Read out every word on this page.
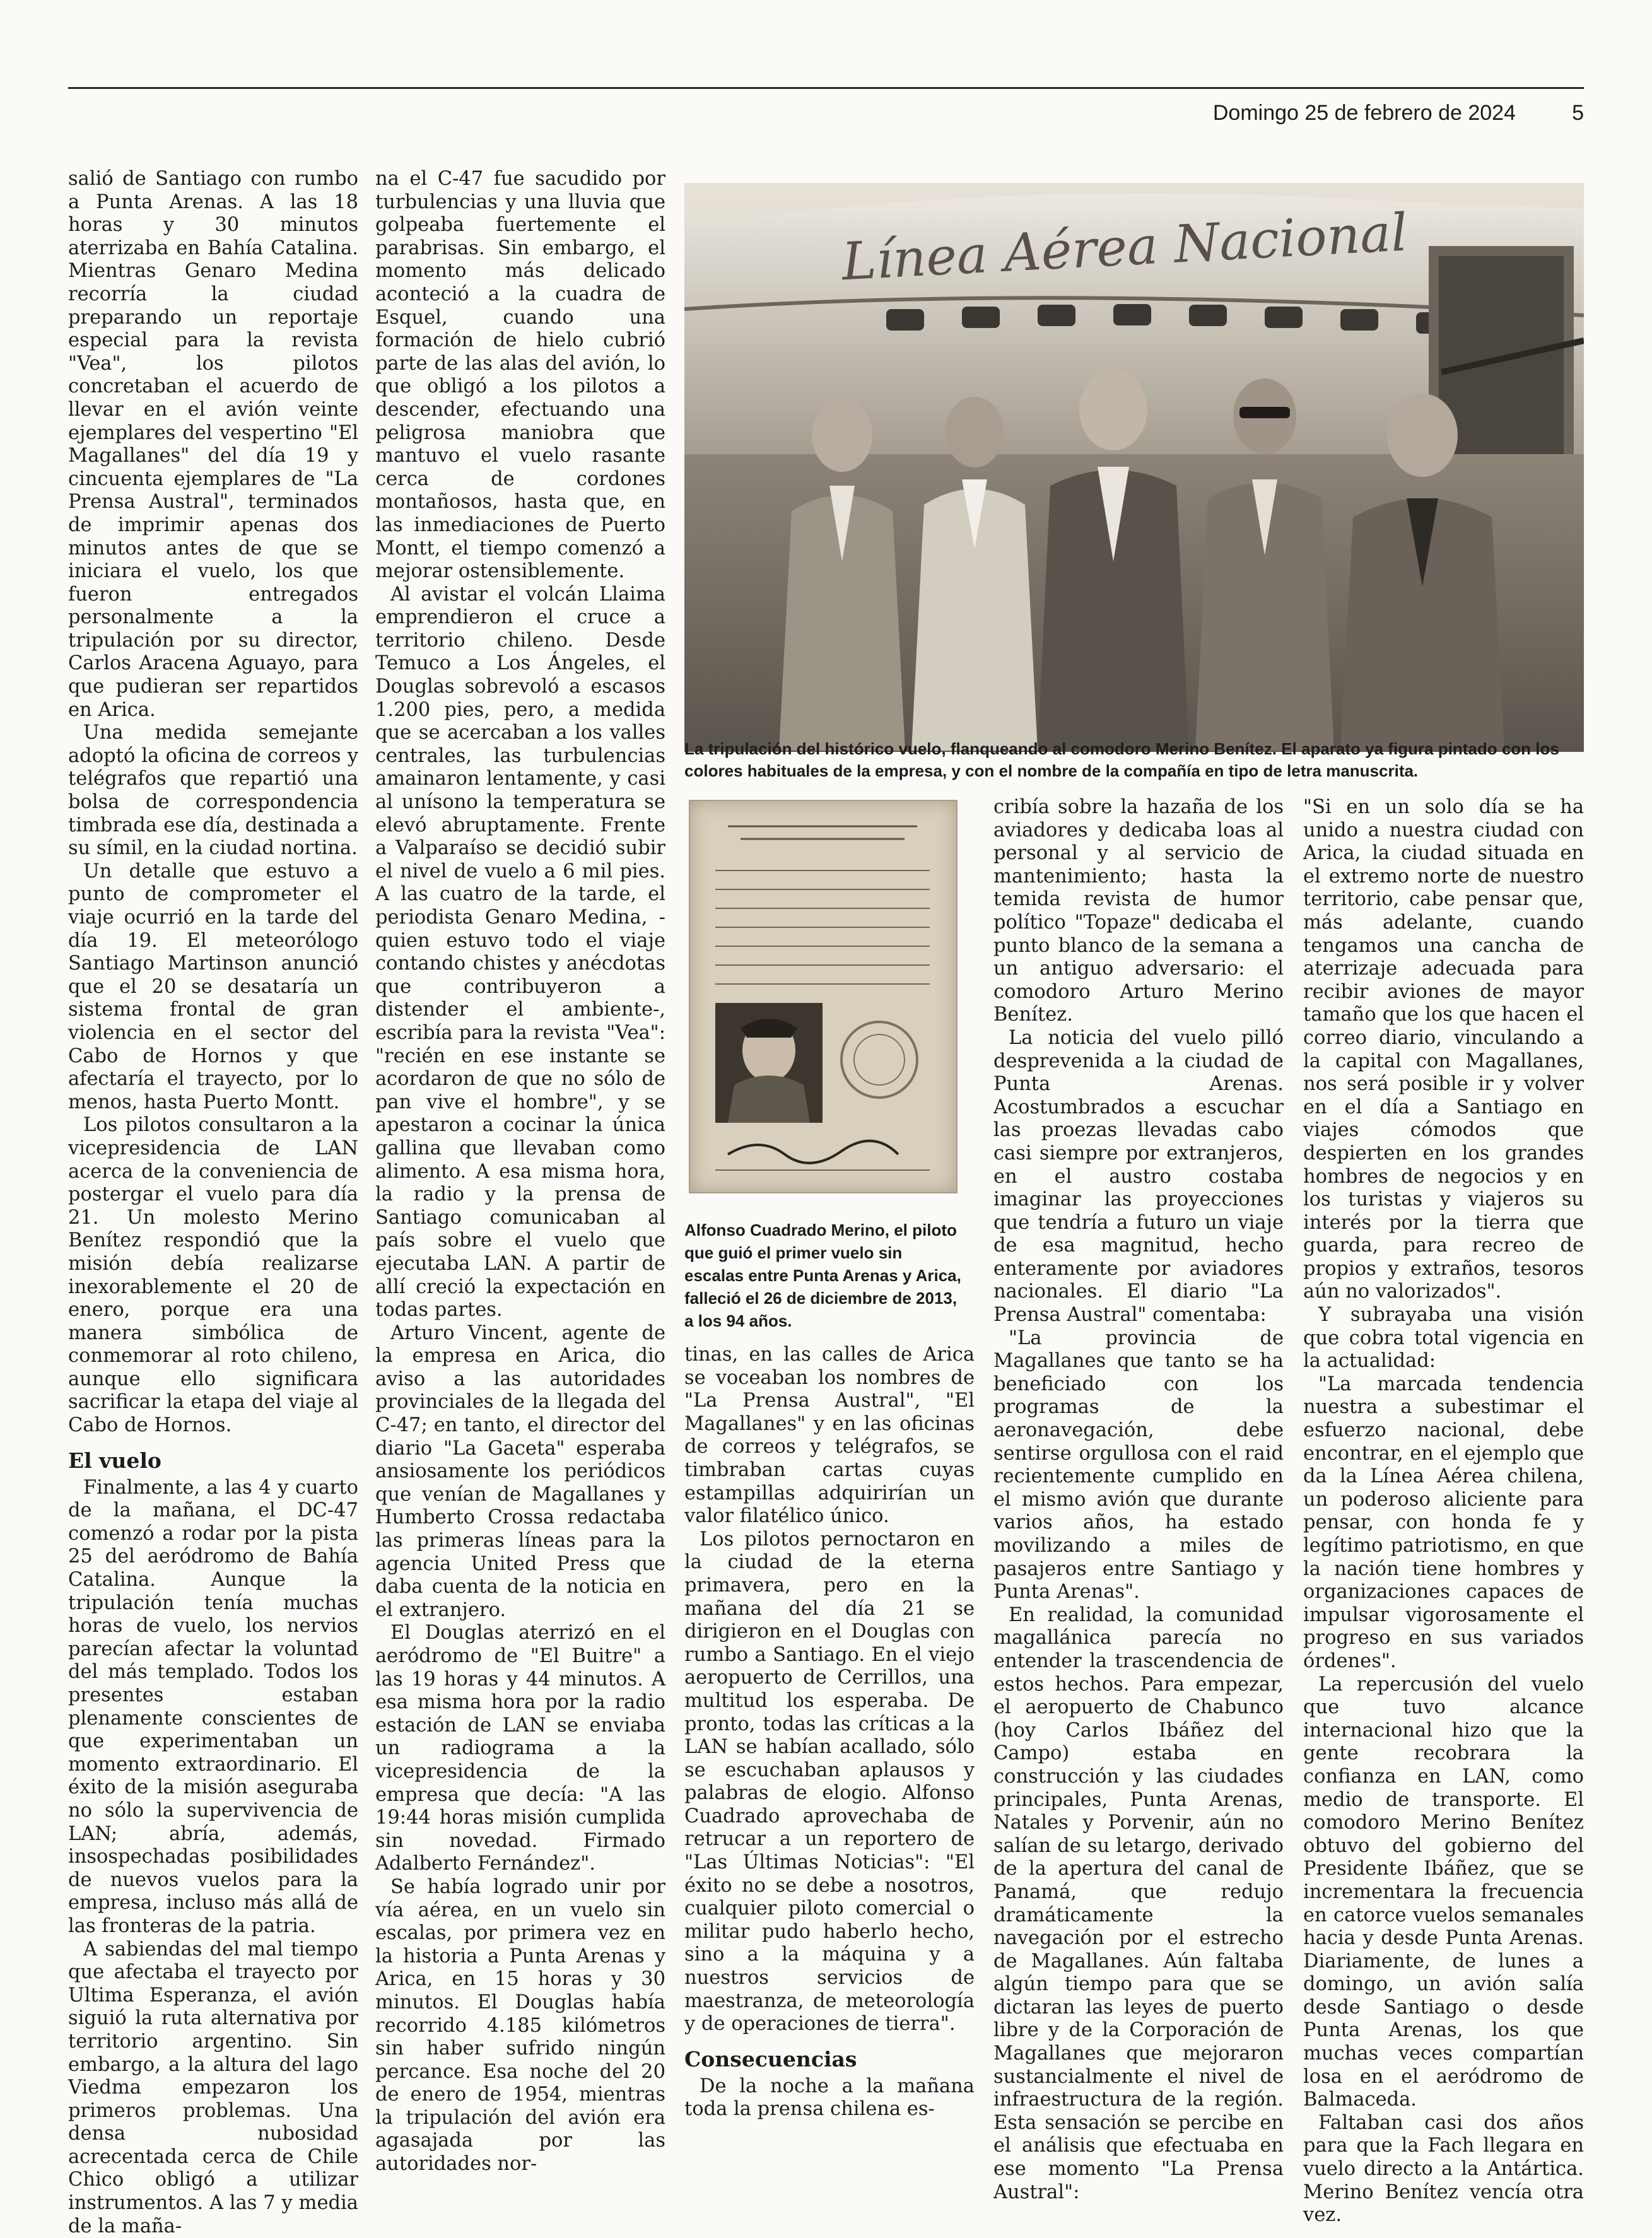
Domingo 25 de febrero de 2024	5

salió de Santiago con rumbo a Punta Arenas. A las 18 horas y 30 minutos aterrizaba en Bahía Catalina. Mientras Genaro Medina recorría la ciudad preparando un reportaje especial para la revista "Vea", los pilotos concretaban el acuerdo de llevar en el avión veinte ejemplares del vespertino "El Magallanes" del día 19 y cincuenta ejemplares de "La Prensa Austral", terminados de imprimir apenas dos minutos antes de que se iniciara el vuelo, los que fueron entregados personalmente a la tripulación por su director, Carlos Aracena Aguayo, para que pudieran ser repartidos en Arica.

Una medida semejante adoptó la oficina de correos y telégrafos que repartió una bolsa de correspondencia timbrada ese día, destinada a su símil, en la ciudad nortina.

Un detalle que estuvo a punto de comprometer el viaje ocurrió en la tarde del día 19. El meteorólogo Santiago Martinson anunció que el 20 se desataría un sistema frontal de gran violencia en el sector del Cabo de Hornos y que afectaría el trayecto, por lo menos, hasta Puerto Montt.

Los pilotos consultaron a la vicepresidencia de LAN acerca de la conveniencia de postergar el vuelo para día 21. Un molesto Merino Benítez respondió que la misión debía realizarse inexorablemente el 20 de enero, porque era una manera simbólica de conmemorar al roto chileno, aunque ello significara sacrificar la etapa del viaje al Cabo de Hornos.

El vuelo

Finalmente, a las 4 y cuarto de la mañana, el DC-47 comenzó a rodar por la pista 25 del aeródromo de Bahía Catalina. Aunque la tripulación tenía muchas horas de vuelo, los nervios parecían afectar la voluntad del más templado. Todos los presentes estaban plenamente conscientes de que experimentaban un momento extraordinario. El éxito de la misión aseguraba no sólo la supervivencia de LAN; abría, además, insospechadas posibilidades de nuevos vuelos para la empresa, incluso más allá de las fronteras de la patria.

A sabiendas del mal tiempo que afectaba el trayecto por Ultima Esperanza, el avión siguió la ruta alternativa por territorio argentino. Sin embargo, a la altura del lago Viedma empezaron los primeros problemas. Una densa nubosidad acrecentada cerca de Chile Chico obligó a utilizar instrumentos. A las 7 y media de la maña-

na el C-47 fue sacudido por turbulencias y una lluvia que golpeaba fuertemente el parabrisas. Sin embargo, el momento más delicado aconteció a la cuadra de Esquel, cuando una formación de hielo cubrió parte de las alas del avión, lo que obligó a los pilotos a descender, efectuando una peligrosa maniobra que mantuvo el vuelo rasante cerca de cordones montañosos, hasta que, en las inmediaciones de Puerto Montt, el tiempo comenzó a mejorar ostensiblemente.

Al avistar el volcán Llaima emprendieron el cruce a territorio chileno. Desde Temuco a Los Ángeles, el Douglas sobrevoló a escasos 1.200 pies, pero, a medida que se acercaban a los valles centrales, las turbulencias amainaron lentamente, y casi al unísono la temperatura se elevó abruptamente. Frente a Valparaíso se decidió subir el nivel de vuelo a 6 mil pies. A las cuatro de la tarde, el periodista Genaro Medina, -quien estuvo todo el viaje contando chistes y anécdotas que contribuyeron a distender el ambiente-, escribía para la revista "Vea": "recién en ese instante se acordaron de que no sólo de pan vive el hombre", y se apestaron a cocinar la única gallina que llevaban como alimento. A esa misma hora, la radio y la prensa de Santiago comunicaban al país sobre el vuelo que ejecutaba LAN. A partir de allí creció la expectación en todas partes.

Arturo Vincent, agente de la empresa en Arica, dio aviso a las autoridades provinciales de la llegada del C-47; en tanto, el director del diario "La Gaceta" esperaba ansiosamente los periódicos que venían de Magallanes y Humberto Crossa redactaba las primeras líneas para la agencia United Press que daba cuenta de la noticia en el extranjero.

El Douglas aterrizó en el aeródromo de "El Buitre" a las 19 horas y 44 minutos. A esa misma hora por la radio estación de LAN se enviaba un radiograma a la vicepresidencia de la empresa que decía: "A las 19:44 horas misión cumplida sin novedad. Firmado Adalberto Fernández".

Se había logrado unir por vía aérea, en un vuelo sin escalas, por primera vez en la historia a Punta Arenas y Arica, en 15 horas y 30 minutos. El Douglas había recorrido 4.185 kilómetros sin haber sufrido ningún percance. Esa noche del 20 de enero de 1954, mientras la tripulación del avión era agasajada por las autoridades nor-

Línea Aérea Nacional
La tripulación del histórico vuelo, flanqueando al comodoro Merino Benítez. El aparato ya figura pintado con los colores habituales de la empresa, y con el nombre de la compañía en tipo de letra manuscrita.
Alfonso Cuadrado Merino, el piloto que guió el primer vuelo sin escalas entre Punta Arenas y Arica, falleció el 26 de diciembre de 2013, a los 94 años.

tinas, en las calles de Arica se voceaban los nombres de "La Prensa Austral", "El Magallanes" y en las oficinas de correos y telégrafos, se timbraban cartas cuyas estampillas adquirirían un valor filatélico único.

Los pilotos pernoctaron en la ciudad de la eterna primavera, pero en la mañana del día 21 se dirigieron en el Douglas con rumbo a Santiago. En el viejo aeropuerto de Cerrillos, una multitud los esperaba. De pronto, todas las críticas a la LAN se habían acallado, sólo se escuchaban aplausos y palabras de elogio. Alfonso Cuadrado aprovechaba de retrucar a un reportero de "Las Últimas Noticias": "El éxito no se debe a nosotros, cualquier piloto comercial o militar pudo haberlo hecho, sino a la máquina y a nuestros servicios de maestranza, de meteorología y de operaciones de tierra".

Consecuencias

De la noche a la mañana toda la prensa chilena es-

cribía sobre la hazaña de los aviadores y dedicaba loas al personal y al servicio de mantenimiento; hasta la temida revista de humor político "Topaze" dedicaba el punto blanco de la semana a un antiguo adversario: el comodoro Arturo Merino Benítez.

La noticia del vuelo pilló desprevenida a la ciudad de Punta Arenas. Acostumbrados a escuchar las proezas llevadas cabo casi siempre por extranjeros, en el austro costaba imaginar las proyecciones que tendría a futuro un viaje de esa magnitud, hecho enteramente por aviadores nacionales. El diario "La Prensa Austral" comentaba:

"La provincia de Magallanes que tanto se ha beneficiado con los programas de la aeronavegación, debe sentirse orgullosa con el raid recientemente cumplido en el mismo avión que durante varios años, ha estado movilizando a miles de pasajeros entre Santiago y Punta Arenas".

En realidad, la comunidad magallánica parecía no entender la trascendencia de estos hechos. Para empezar, el aeropuerto de Chabunco (hoy Carlos Ibáñez del Campo) estaba en construcción y las ciudades principales, Punta Arenas, Natales y Porvenir, aún no salían de su letargo, derivado de la apertura del canal de Panamá, que redujo dramáticamente la navegación por el estrecho de Magallanes. Aún faltaba algún tiempo para que se dictaran las leyes de puerto libre y de la Corporación de Magallanes que mejoraron sustancialmente el nivel de infraestructura de la región. Esta sensación se percibe en el análisis que efectuaba en ese momento "La Prensa Austral":

"Si en un solo día se ha unido a nuestra ciudad con Arica, la ciudad situada en el extremo norte de nuestro territorio, cabe pensar que, más adelante, cuando tengamos una cancha de aterrizaje adecuada para recibir aviones de mayor tamaño que los que hacen el correo diario, vinculando a la capital con Magallanes, nos será posible ir y volver en el día a Santiago en viajes cómodos que despierten en los grandes hombres de negocios y en los turistas y viajeros su interés por la tierra que guarda, para recreo de propios y extraños, tesoros aún no valorizados".

Y subrayaba una visión que cobra total vigencia en la actualidad:

"La marcada tendencia nuestra a subestimar el esfuerzo nacional, debe encontrar, en el ejemplo que da la Línea Aérea chilena, un poderoso aliciente para pensar, con honda fe y legítimo patriotismo, en que la nación tiene hombres y organizaciones capaces de impulsar vigorosamente el progreso en sus variados órdenes".

La repercusión del vuelo que tuvo alcance internacional hizo que la gente recobrara la confianza en LAN, como medio de transporte. El comodoro Merino Benítez obtuvo del gobierno del Presidente Ibáñez, que se incrementara la frecuencia en catorce vuelos semanales hacia y desde Punta Arenas. Diariamente, de lunes a domingo, un avión salía desde Santiago o desde Punta Arenas, los que muchas veces compartían losa en el aeródromo de Balmaceda.

Faltaban casi dos años para que la Fach llegara en vuelo directo a la Antártica. Merino Benítez vencía otra vez.
